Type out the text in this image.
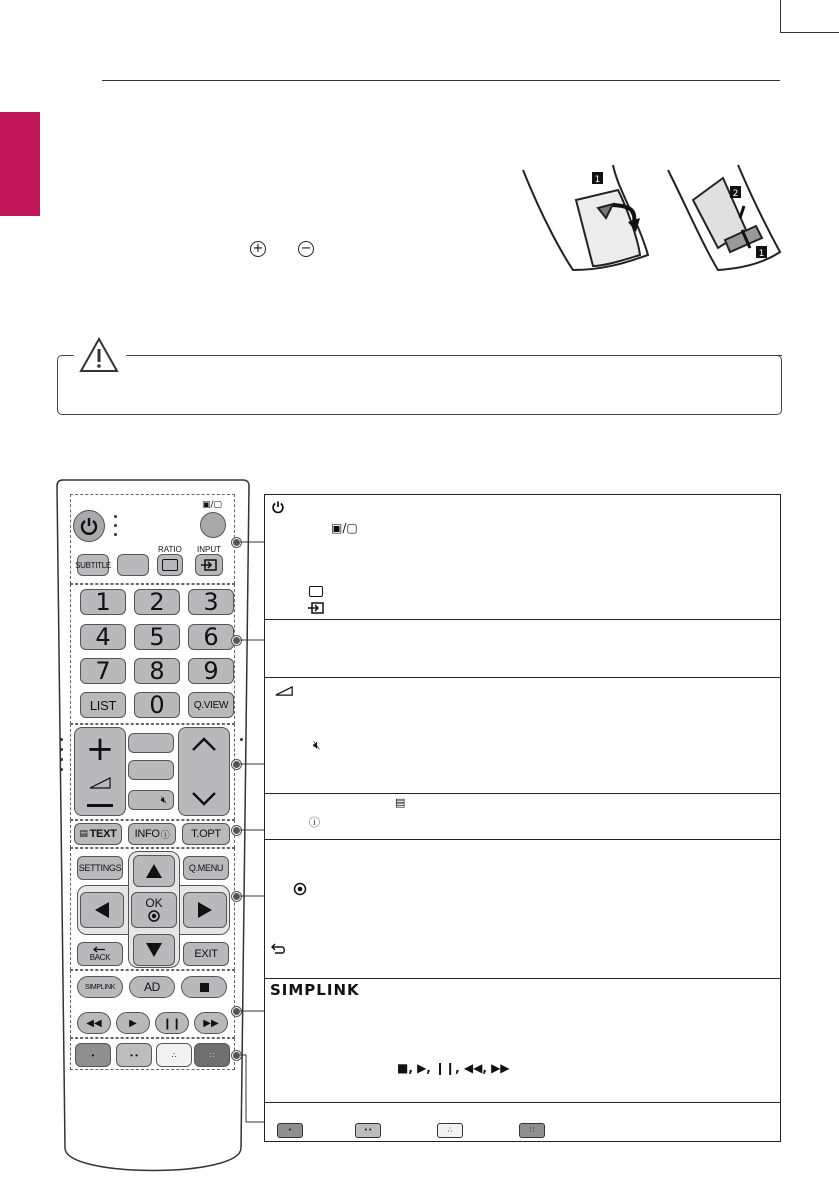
+	−
1
2
1
▣/▢
SUBTITLE
RATIO INPUT
1	2	3
4	5	6
7	8	9
LIST	0	Q.VIEW
+
🔇︎
▤ TEXT INFO ⓘ	T.OPT
SETTINGS	Q.MENU
OK
BACK	EXIT
SIMPLINK	AD
◀◀	▶ ❙❙ ▶▶
•	• •	∴	∷
▣/▢
🔇︎
▤
ⓘ
SIMPLINK
■, ▶, ❙❙, ◀◀, ▶▶
•	• •	∴	∷
